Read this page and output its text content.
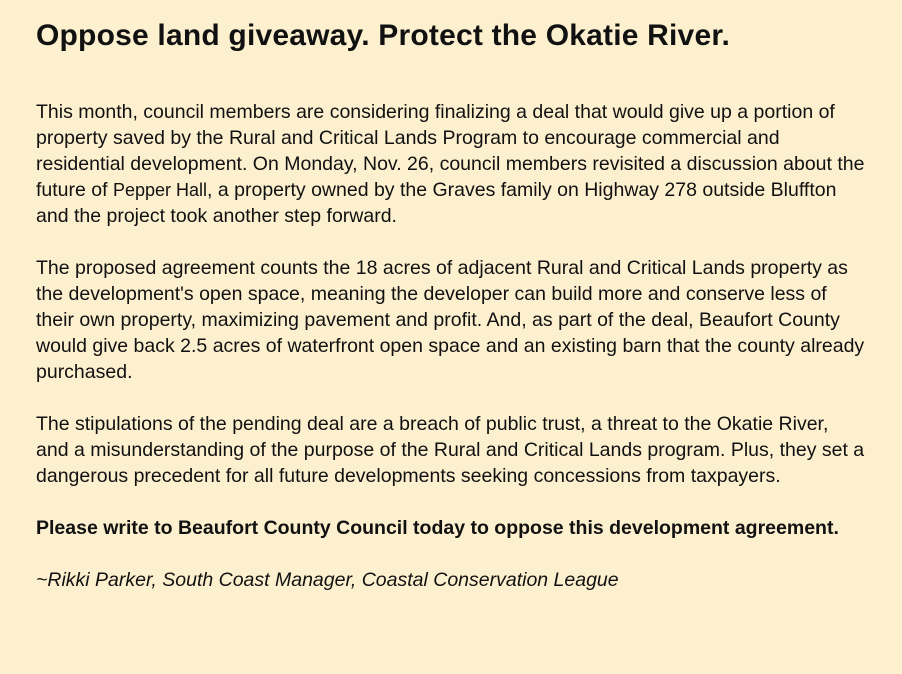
Oppose land giveaway. Protect the Okatie River.

This month, council members are considering finalizing a deal that would give up a portion of property saved by the Rural and Critical Lands Program to encourage commercial and residential development. On Monday, Nov. 26, council members revisited a discussion about the future of Pepper Hall, a property owned by the Graves family on Highway 278 outside Bluffton and the project took another step forward.

The proposed agreement counts the 18 acres of adjacent Rural and Critical Lands property as the development's open space, meaning the developer can build more and conserve less of their own property, maximizing pavement and profit. And, as part of the deal, Beaufort County would give back 2.5 acres of waterfront open space and an existing barn that the county already purchased.

The stipulations of the pending deal are a breach of public trust, a threat to the Okatie River, and a misunderstanding of the purpose of the Rural and Critical Lands program. Plus, they set a dangerous precedent for all future developments seeking concessions from taxpayers.

Please write to Beaufort County Council today to oppose this development agreement.

~Rikki Parker, South Coast Manager, Coastal Conservation League
